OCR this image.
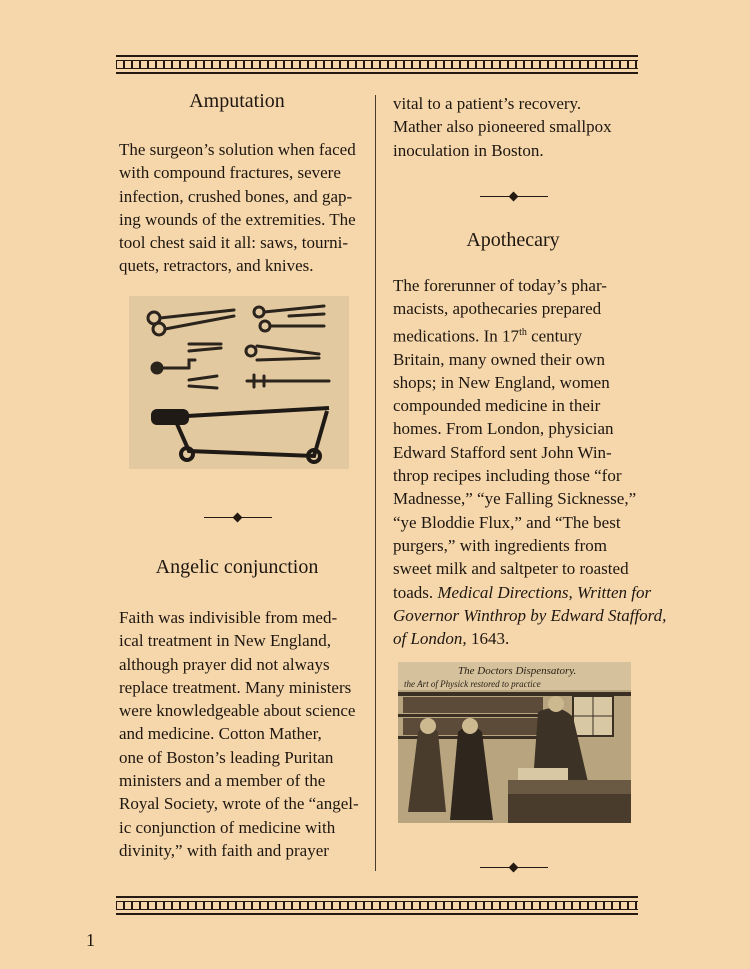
Amputation
The surgeon’s solution when faced
with compound fractures, severe
infection, crushed bones, and gap-
ing wounds of the extremities. The
tool chest said it all: saws, tourni-
quets, retractors, and knives.
Angelic conjunction
Faith was indivisible from med-
ical treatment in New England,
although prayer did not always
replace treatment. Many ministers
were knowledgeable about science
and medicine. Cotton Mather,
one of Boston’s leading Puritan
ministers and a member of the
Royal Society, wrote of the “angel-
ic conjunction of medicine with
divinity,” with faith and prayer
vital to a patient’s recovery.
Mather also pioneered smallpox
inoculation in Boston.
Apothecary
The forerunner of today’s phar-
macists, apothecaries prepared
medications. In 17th century
Britain, many owned their own
shops; in New England, women
compounded medicine in their
homes. From London, physician
Edward Stafford sent John Win-
throp recipes including those “for
Madnesse,” “ye Falling Sicknesse,”
“ye Bloddie Flux,” and “The best
purgers,” with ingredients from
sweet milk and saltpeter to roasted
toads. Medical Directions, Written for
Governor Winthrop by Edward Stafford,
of London, 1643.
The Doctors Dispensatory.
the Art of Physick restored to practice
1
